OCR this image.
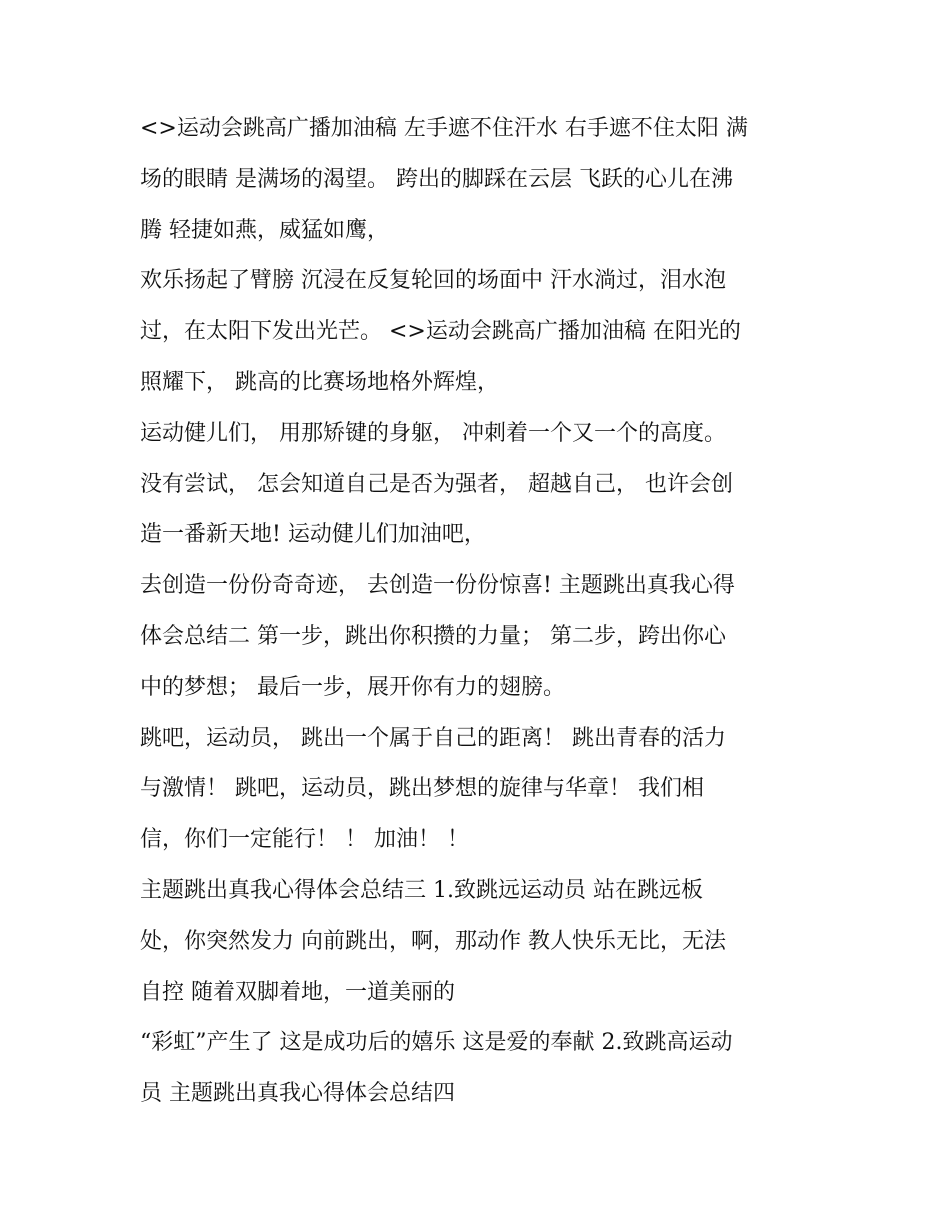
<>运动会跳高广播加油稿 左手遮不住汗水 右手遮不住太阳 满
场的眼睛 是满场的渴望。 跨出的脚踩在云层 飞跃的心儿在沸
腾 轻捷如燕，威猛如鹰，
欢乐扬起了臂膀 沉浸在反复轮回的场面中 汗水淌过，泪水泡
过，在太阳下发出光芒。 <>运动会跳高广播加油稿 在阳光的
照耀下， 跳高的比赛场地格外辉煌，
运动健儿们， 用那矫键的身躯， 冲刺着一个又一个的高度。
没有尝试， 怎会知道自己是否为强者， 超越自己， 也许会创
造一番新天地! 运动健儿们加油吧，
去创造一份份奇奇迹， 去创造一份份惊喜! 主题跳出真我心得
体会总结二 第一步，跳出你积攒的力量； 第二步，跨出你心
中的梦想； 最后一步，展开你有力的翅膀。
跳吧，运动员， 跳出一个属于自己的距离！ 跳出青春的活力
与激情！ 跳吧，运动员，跳出梦想的旋律与华章！ 我们相
信，你们一定能行！ ！ 加油！ ！
主题跳出真我心得体会总结三 1.致跳远运动员 站在跳远板
处，你突然发力 向前跳出，啊，那动作 教人快乐无比，无法
自控 随着双脚着地，一道美丽的
“彩虹”产生了 这是成功后的嬉乐 这是爱的奉献 2.致跳高运动
员 主题跳出真我心得体会总结四
